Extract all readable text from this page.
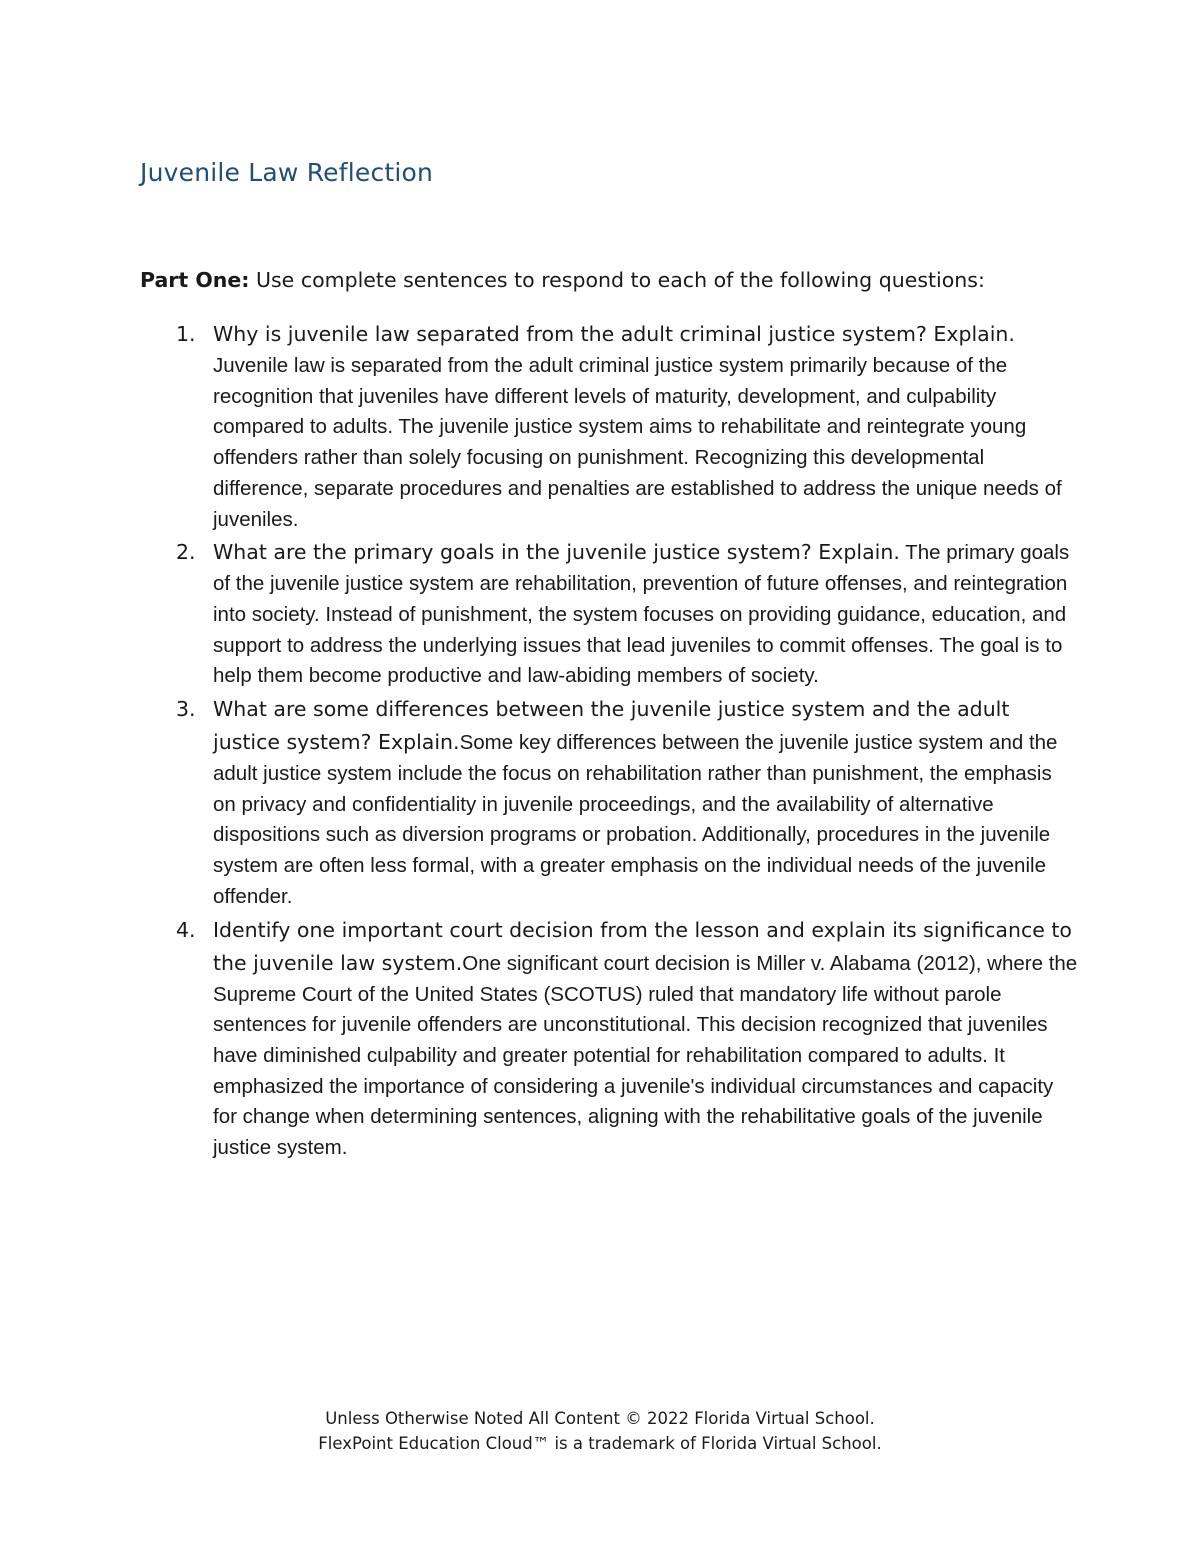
Juvenile Law Reflection

Part One: Use complete sentences to respond to each of the following questions:

1. Why is juvenile law separated from the adult criminal justice system? Explain. Juvenile law is separated from the adult criminal justice system primarily because of the recognition that juveniles have different levels of maturity, development, and culpability compared to adults. The juvenile justice system aims to rehabilitate and reintegrate young offenders rather than solely focusing on punishment. Recognizing this developmental difference, separate procedures and penalties are established to address the unique needs of juveniles.

2. What are the primary goals in the juvenile justice system? Explain. The primary goals of the juvenile justice system are rehabilitation, prevention of future offenses, and reintegration into society. Instead of punishment, the system focuses on providing guidance, education, and support to address the underlying issues that lead juveniles to commit offenses. The goal is to help them become productive and law-abiding members of society.

3. What are some differences between the juvenile justice system and the adult justice system? Explain.Some key differences between the juvenile justice system and the adult justice system include the focus on rehabilitation rather than punishment, the emphasis on privacy and confidentiality in juvenile proceedings, and the availability of alternative dispositions such as diversion programs or probation. Additionally, procedures in the juvenile system are often less formal, with a greater emphasis on the individual needs of the juvenile offender.

4. Identify one important court decision from the lesson and explain its significance to the juvenile law system.One significant court decision is Miller v. Alabama (2012), where the Supreme Court of the United States (SCOTUS) ruled that mandatory life without parole sentences for juvenile offenders are unconstitutional. This decision recognized that juveniles have diminished culpability and greater potential for rehabilitation compared to adults. It emphasized the importance of considering a juvenile's individual circumstances and capacity for change when determining sentences, aligning with the rehabilitative goals of the juvenile justice system.

Unless Otherwise Noted All Content © 2022 Florida Virtual School.
FlexPoint Education Cloud™ is a trademark of Florida Virtual School.
